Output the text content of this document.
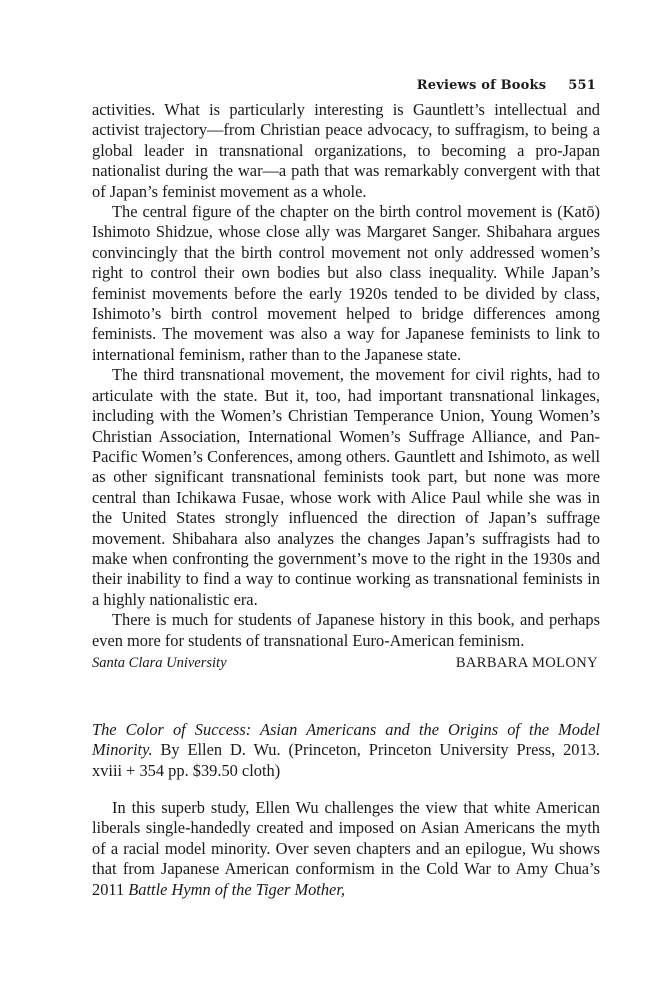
Reviews of Books 551

activities. What is particularly interesting is Gauntlett’s intellectual and activist trajectory—from Christian peace advocacy, to suffragism, to being a global leader in transnational organizations, to becoming a pro-Japan nationalist during the war—a path that was remarkably convergent with that of Japan’s feminist movement as a whole.

The central figure of the chapter on the birth control movement is (Katō) Ishimoto Shidzue, whose close ally was Margaret Sanger. Shibahara argues convincingly that the birth control movement not only addressed women’s right to control their own bodies but also class inequality. While Japan’s feminist movements before the early 1920s tended to be divided by class, Ishimoto’s birth control movement helped to bridge differences among feminists. The movement was also a way for Japanese feminists to link to international feminism, rather than to the Japanese state.

The third transnational movement, the movement for civil rights, had to articulate with the state. But it, too, had important transnational linkages, including with the Women’s Christian Temperance Union, Young Women’s Christian Association, International Women’s Suffrage Alliance, and Pan-Pacific Women’s Conferences, among others. Gauntlett and Ishimoto, as well as other significant transnational feminists took part, but none was more central than Ichikawa Fusae, whose work with Alice Paul while she was in the United States strongly influenced the direction of Japan’s suffrage movement. Shibahara also analyzes the changes Japan’s suffragists had to make when confronting the government’s move to the right in the 1930s and their inability to find a way to continue working as transnational feminists in a highly nationalistic era.

There is much for students of Japanese history in this book, and perhaps even more for students of transnational Euro-American feminism.

Santa Clara University	BARBARA MOLONY

The Color of Success: Asian Americans and the Origins of the Model Minority. By Ellen D. Wu. (Princeton, Princeton University Press, 2013. xviii + 354 pp. $39.50 cloth)

In this superb study, Ellen Wu challenges the view that white American liberals single-handedly created and imposed on Asian Americans the myth of a racial model minority. Over seven chapters and an epilogue, Wu shows that from Japanese American conformism in the Cold War to Amy Chua’s 2011 Battle Hymn of the Tiger Mother,
